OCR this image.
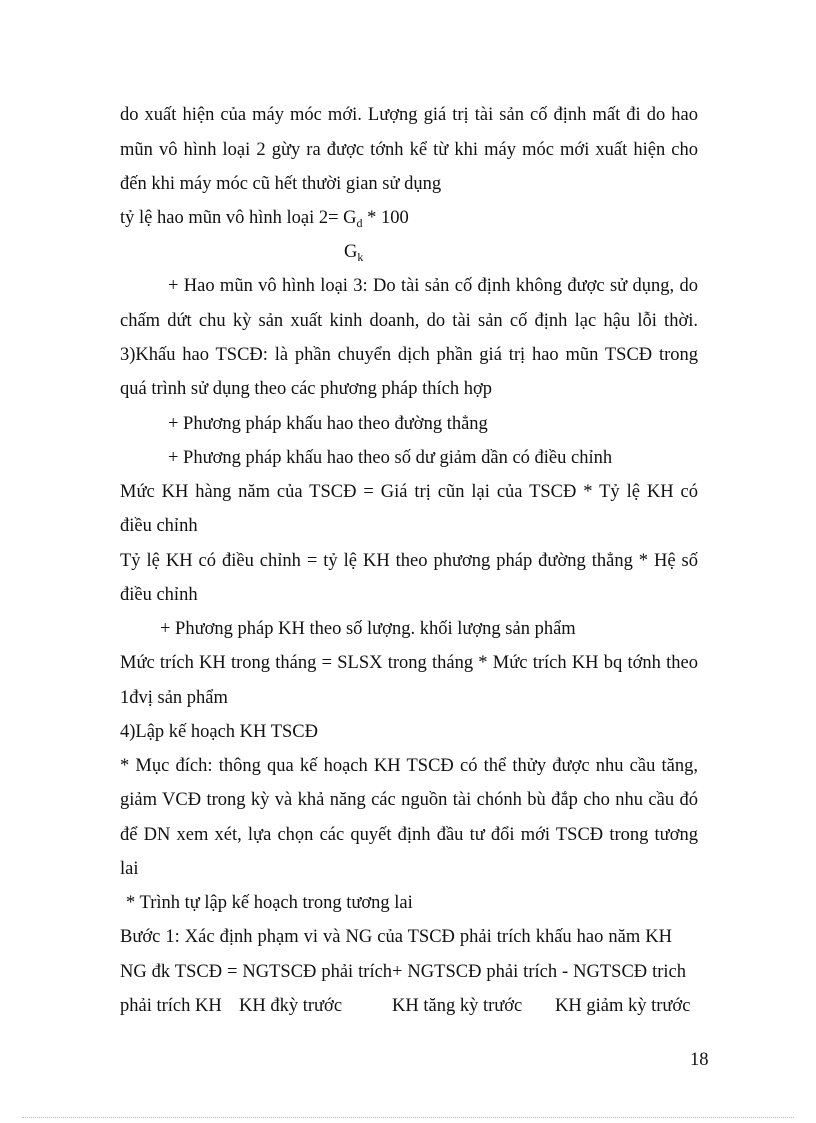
do xuất hiện của máy móc mới. Lượng giá trị tài sản cố định mất đi do hao
mũn vô hình loại 2 gừy ra được tớnh kể từ khi máy móc mới xuất hiện cho
đến khi máy móc cũ hết thười gian sử dụng
tỷ lệ hao mũn vô hình loại $2= G_d * 100$
$G_k$
+ Hao mũn vô hình loại 3: Do tài sản cố định không được sử dụng, do
chấm dứt chu kỳ sản xuất kinh doanh, do tài sản cố định lạc hậu lỗi thời.
3)Khấu hao TSCĐ: là phần chuyển dịch phần giá trị hao mũn TSCĐ trong
quá trình sử dụng theo các phương pháp thích hợp
+ Phương pháp khấu hao theo đường thẳng
+ Phương pháp khấu hao theo số dư giảm dần có điều chỉnh
Mức KH hàng năm của TSCĐ = Giá trị cũn lại của TSCĐ * Tỷ lệ KH có
điều chỉnh
Tỷ lệ KH có điều chỉnh = tỷ lệ KH theo phương pháp đường thẳng * Hệ số
điều chỉnh
+ Phương pháp KH theo số lượng. khối lượng sản phẩm
Mức trích KH trong tháng = SLSX trong tháng * Mức trích KH bq tớnh theo
1đvị sản phẩm
4)Lập kế hoạch KH TSCĐ
* Mục đích: thông qua kế hoạch KH TSCĐ có thể thửy được nhu cầu tăng,
giảm VCĐ trong kỳ và khả năng các nguồn tài chónh bù đắp cho nhu cầu đó
để DN xem xét, lựa chọn các quyết định đầu tư đổi mới TSCĐ trong tương
lai
* Trình tự lập kế hoạch trong tương lai
Bước 1: Xác định phạm vi và NG của TSCĐ phải trích khấu hao năm KH
NG đk TSCĐ = NGTSCĐ phải trích+ NGTSCĐ phải trích - NGTSCĐ trich
phải trích KH KH đkỳ trước	KH tăng kỳ trước KH giảm kỳ trước
18
